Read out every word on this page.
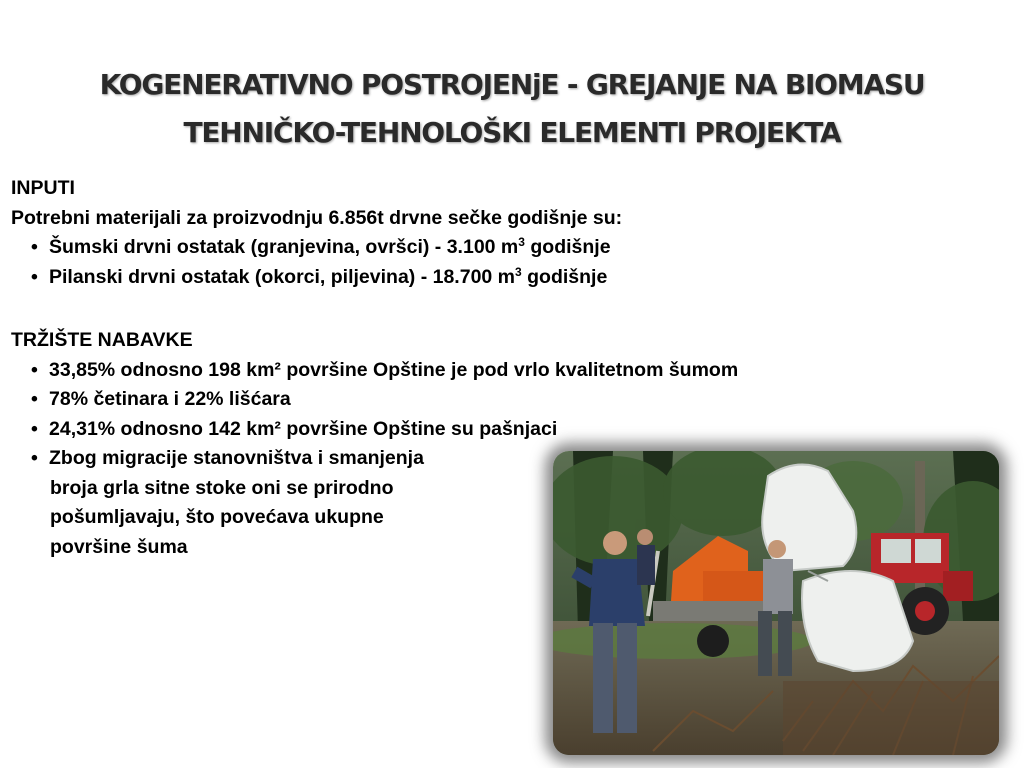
KOGENERATIVNO POSTROJENjE - GREJANJE NA BIOMASU
TEHNIČKO-TEHNOLOŠKI ELEMENTI PROJEKTA
INPUTI
Potrebni materijali za proizvodnju 6.856t drvne sečke godišnje su:
• Šumski drvni ostatak (granjevina, ovršci) - 3.100 $m^3$ godišnje
• Pilanski drvni ostatak (okorci, piljevina) - 18.700 $m^3$ godišnje
TRŽIŠTE NABAVKE
• 33,85% odnosno 198 km² površine Opštine je pod vrlo kvalitetnom šumom
• 78% četinara i 22% lišćara
• 24,31% odnosno 142 km² površine Opštine su pašnjaci
• Zbog migracije stanovništva i smanjenja
broja grla sitne stoke oni se prirodno
pošumljavaju, što povećava ukupne
površine šuma
